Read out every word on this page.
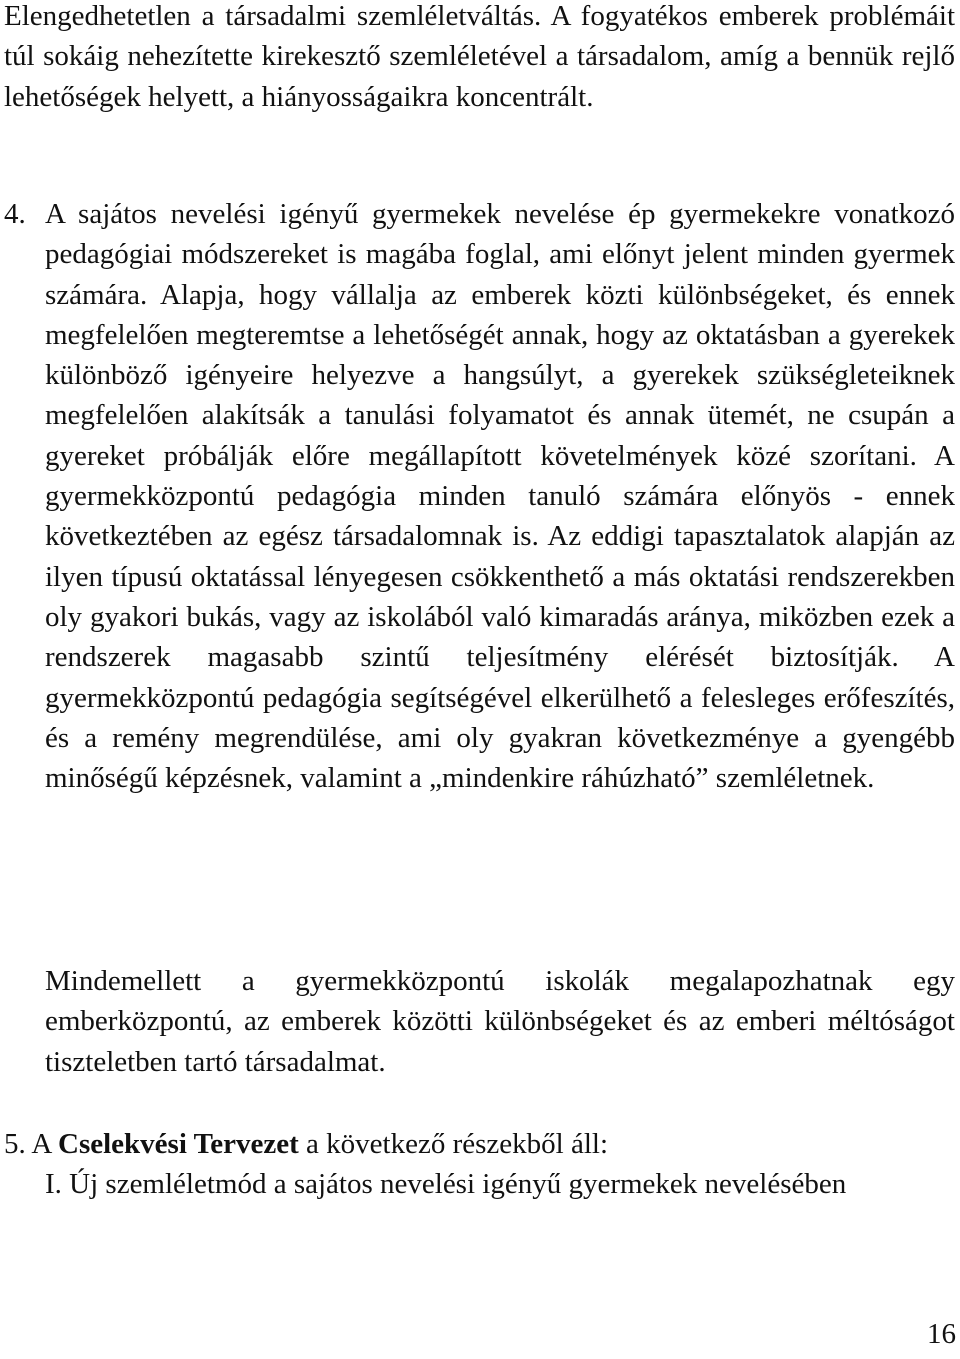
Elengedhetetlen a társadalmi szemléletváltás. A fogyatékos emberek problémáit túl sokáig nehezítette kirekesztő szemléletével a társadalom, amíg a bennük rejlő lehetőségek helyett, a hiányosságaikra koncentrált.

4. A sajátos nevelési igényű gyermekek nevelése ép gyermekekre vonatkozó pedagógiai módszereket is magába foglal, ami előnyt jelent minden gyermek számára. Alapja, hogy vállalja az emberek közti különbségeket, és ennek megfelelően megteremtse a lehetőségét annak, hogy az oktatásban a gyerekek különböző igényeire helyezve a hangsúlyt, a gyerekek szükségleteiknek megfelelően alakítsák a tanulási folyamatot és annak ütemét, ne csupán a gyereket próbálják előre megállapított követelmények közé szorítani. A gyermekközpontú pedagógia minden tanuló számára előnyös - ennek következtében az egész társadalomnak is. Az eddigi tapasztalatok alapján az ilyen típusú oktatással lényegesen csökkenthető a más oktatási rendszerekben oly gyakori bukás, vagy az iskolából való kimaradás aránya, miközben ezek a rendszerek magasabb szintű teljesítmény elérését biztosítják. A gyermekközpontú pedagógia segítségével elkerülhető a felesleges erőfeszítés, és a remény megrendülése, ami oly gyakran következménye a gyengébb minőségű képzésnek, valamint a „mindenkire ráhúzható” szemléletnek.

Mindemellett a gyermekközpontú iskolák megalapozhatnak egy emberközpontú, az emberek közötti különbségeket és az emberi méltóságot tiszteletben tartó társadalmat.

5. A Cselekvési Tervezet a következő részekből áll:

I. Új szemléletmód a sajátos nevelési igényű gyermekek nevelésében

16
